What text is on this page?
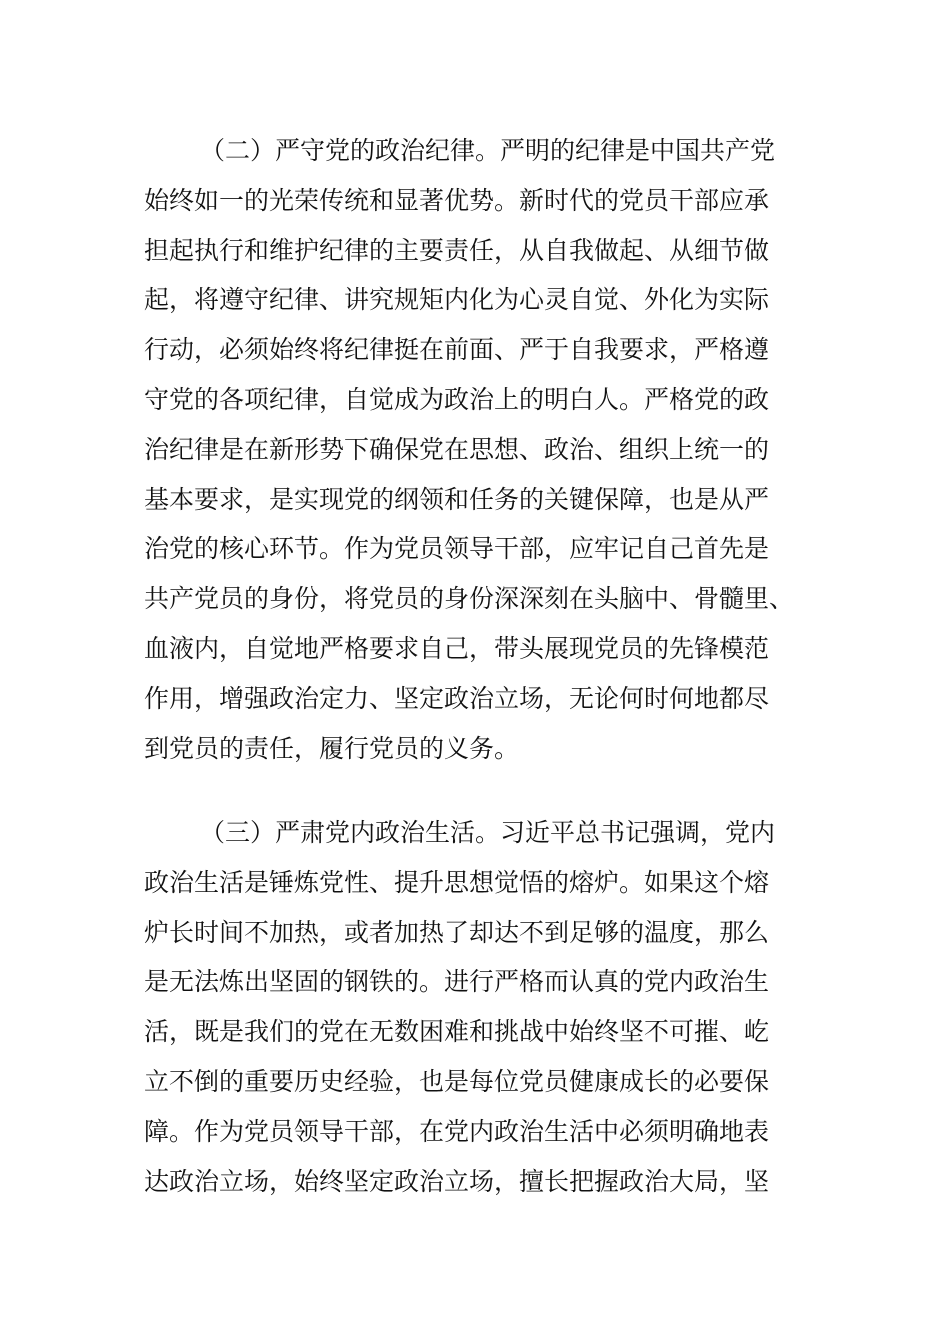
（二）严守党的政治纪律。严明的纪律是中国共产党
始终如一的光荣传统和显著优势。新时代的党员干部应承
担起执行和维护纪律的主要责任，从自我做起、从细节做
起，将遵守纪律、讲究规矩内化为心灵自觉、外化为实际
行动，必须始终将纪律挺在前面、严于自我要求，严格遵
守党的各项纪律，自觉成为政治上的明白人。严格党的政
治纪律是在新形势下确保党在思想、政治、组织上统一的
基本要求，是实现党的纲领和任务的关键保障，也是从严
治党的核心环节。作为党员领导干部，应牢记自己首先是
共产党员的身份，将党员的身份深深刻在头脑中、骨髓里、
血液内，自觉地严格要求自己，带头展现党员的先锋模范
作用，增强政治定力、坚定政治立场，无论何时何地都尽
到党员的责任，履行党员的义务。
（三）严肃党内政治生活。习近平总书记强调，党内
政治生活是锤炼党性、提升思想觉悟的熔炉。如果这个熔
炉长时间不加热，或者加热了却达不到足够的温度，那么
是无法炼出坚固的钢铁的。进行严格而认真的党内政治生
活，既是我们的党在无数困难和挑战中始终坚不可摧、屹
立不倒的重要历史经验，也是每位党员健康成长的必要保
障。作为党员领导干部，在党内政治生活中必须明确地表
达政治立场，始终坚定政治立场，擅长把握政治大局，坚
